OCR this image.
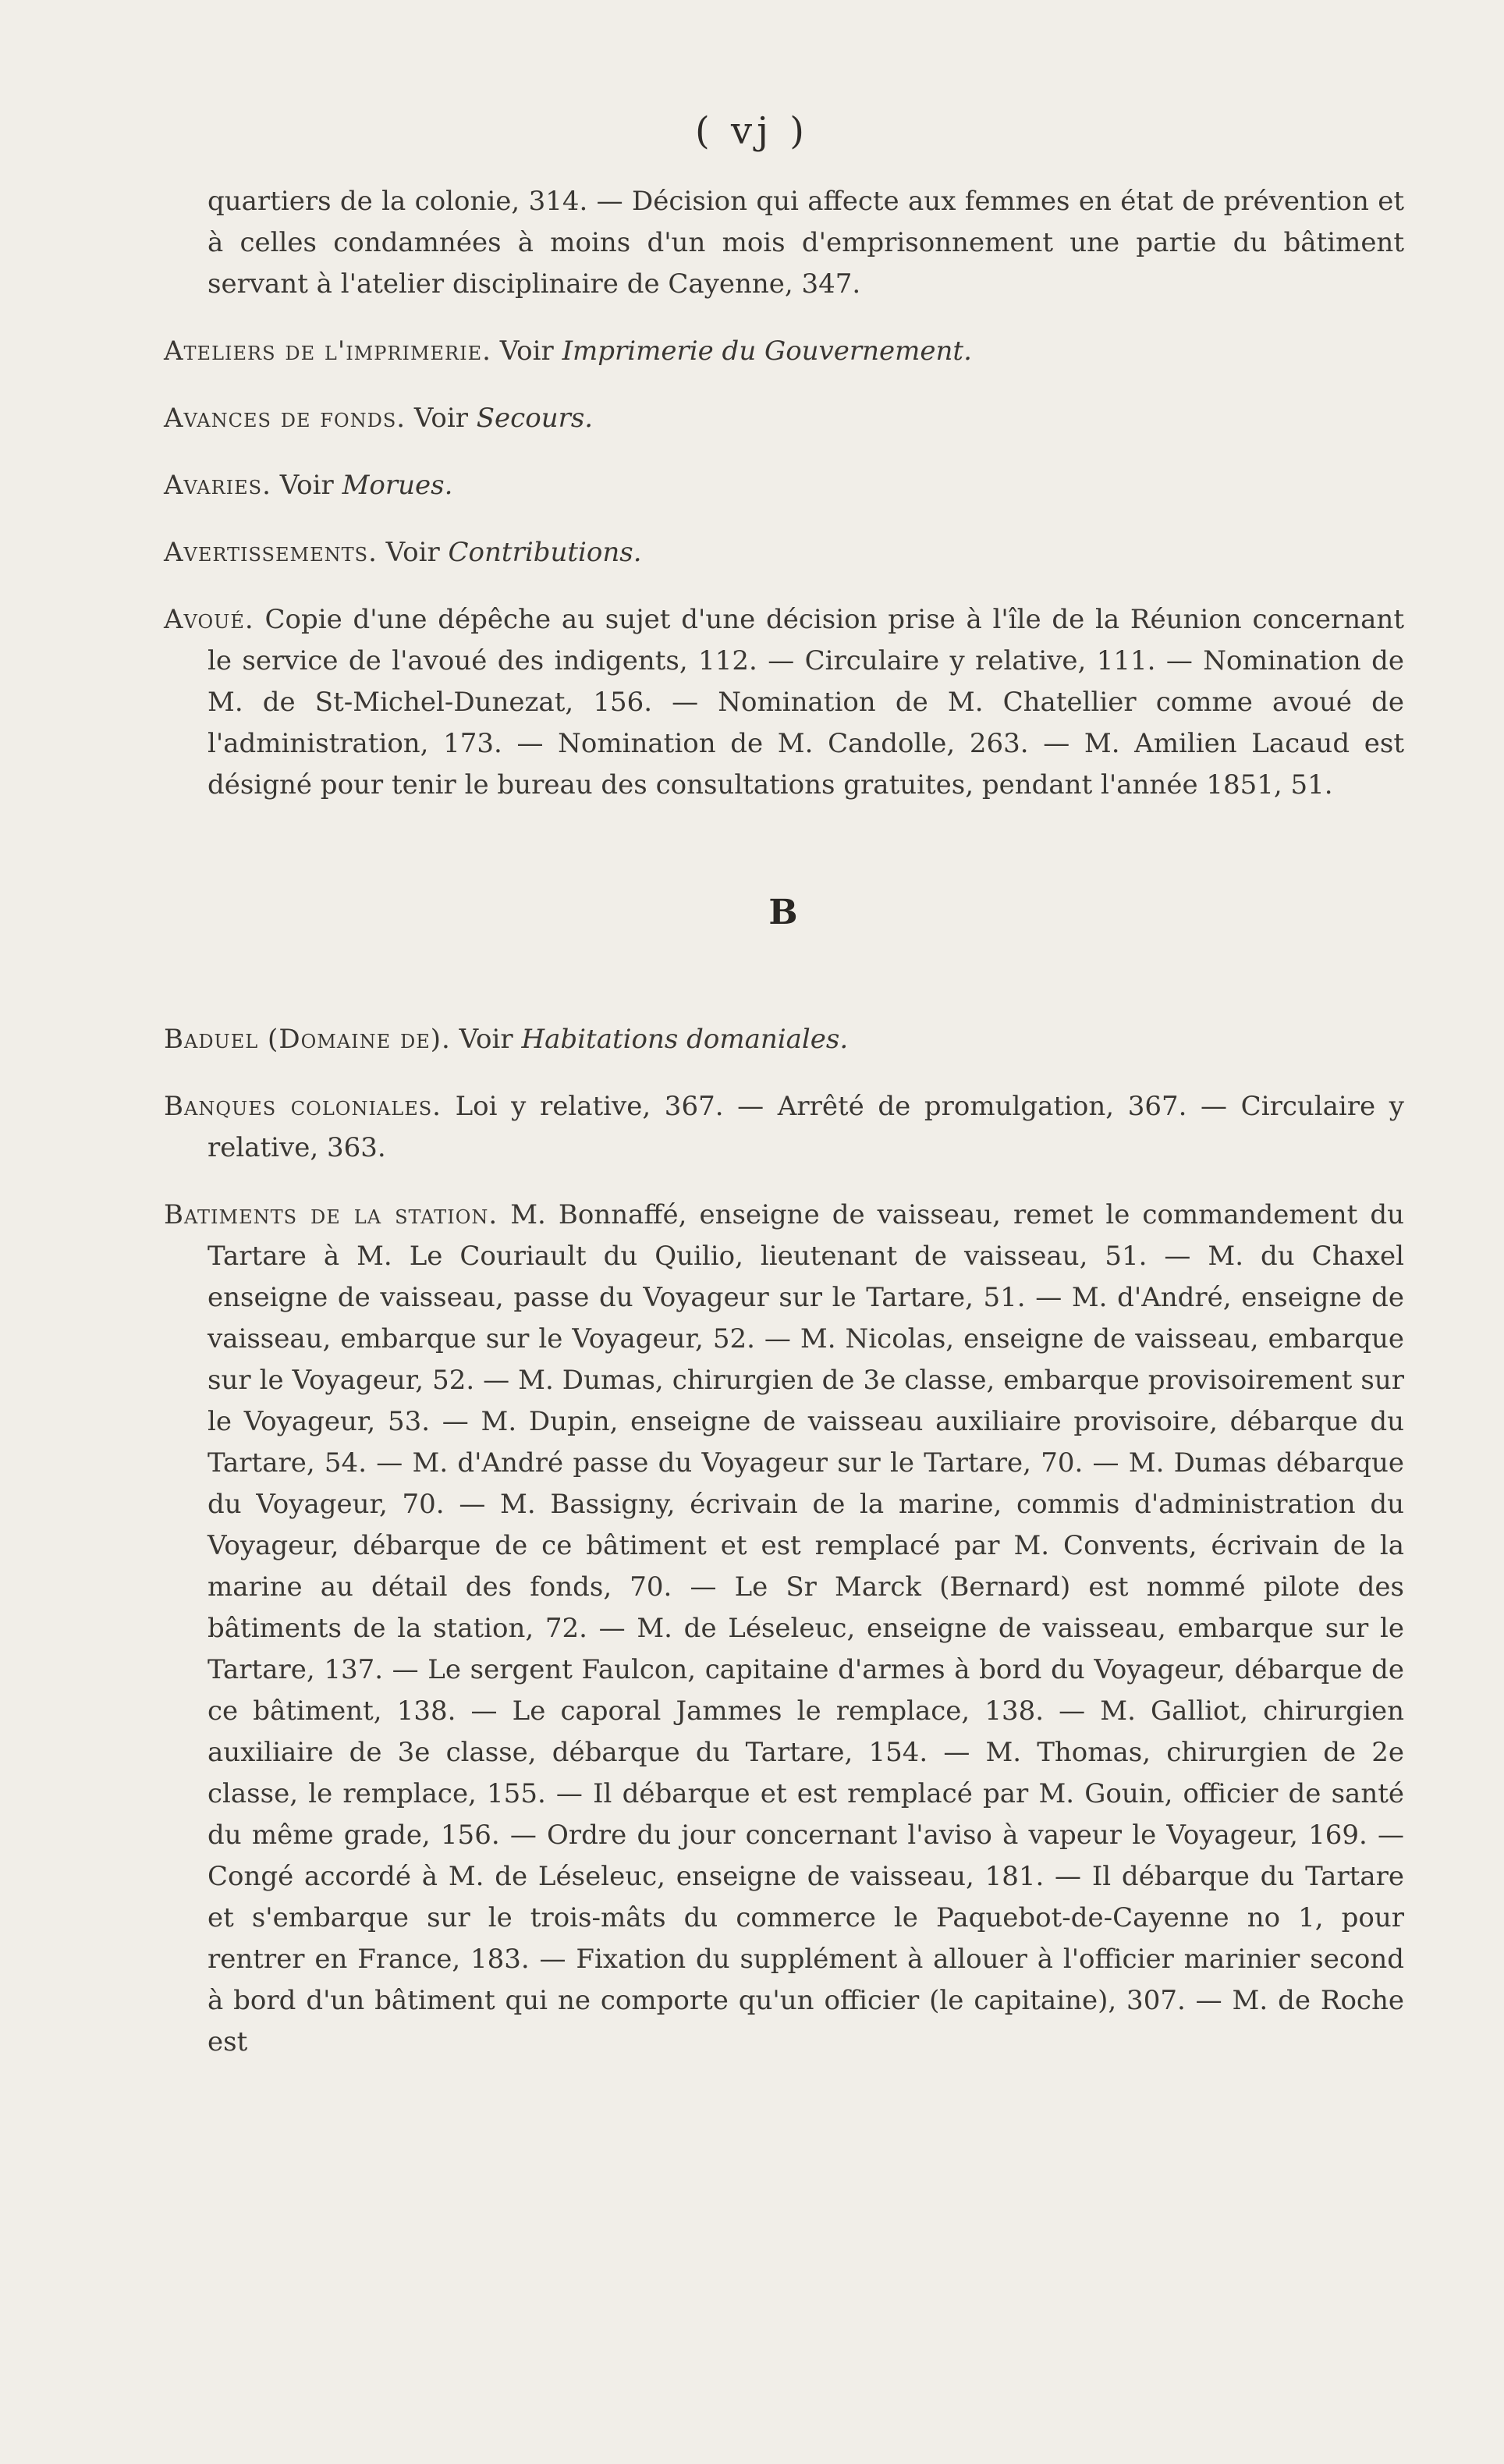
( vj )

quartiers de la colonie, 314. — Décision qui affecte aux femmes en état de prévention et à celles condamnées à moins d'un mois d'emprisonnement une partie du bâtiment servant à l'atelier disciplinaire de Cayenne, 347.

Ateliers de l'imprimerie. Voir Imprimerie du Gouvernement.

Avances de fonds. Voir Secours.

Avaries. Voir Morues.

Avertissements. Voir Contributions.

Avoué. Copie d'une dépêche au sujet d'une décision prise à l'île de la Réunion concernant le service de l'avoué des indigents, 112. — Circulaire y relative, 111. — Nomination de M. de St-Michel-Dunezat, 156. — Nomination de M. Chatellier comme avoué de l'administration, 173. — Nomination de M. Candolle, 263. — M. Amilien Lacaud est désigné pour tenir le bureau des consultations gratuites, pendant l'année 1851, 51.

B

Baduel (Domaine de). Voir Habitations domaniales.

Banques coloniales. Loi y relative, 367. — Arrêté de promulgation, 367. — Circulaire y relative, 363.

Batiments de la station. M. Bonnaffé, enseigne de vaisseau, remet le commandement du Tartare à M. Le Couriault du Quilio, lieutenant de vaisseau, 51. — M. du Chaxel enseigne de vaisseau, passe du Voyageur sur le Tartare, 51. — M. d'André, enseigne de vaisseau, embarque sur le Voyageur, 52. — M. Nicolas, enseigne de vaisseau, embarque sur le Voyageur, 52. — M. Dumas, chirurgien de 3e classe, embarque provisoirement sur le Voyageur, 53. — M. Dupin, enseigne de vaisseau auxiliaire provisoire, débarque du Tartare, 54. — M. d'André passe du Voyageur sur le Tartare, 70. — M. Dumas débarque du Voyageur, 70. — M. Bassigny, écrivain de la marine, commis d'administration du Voyageur, débarque de ce bâtiment et est remplacé par M. Convents, écrivain de la marine au détail des fonds, 70. — Le Sr Marck (Bernard) est nommé pilote des bâtiments de la station, 72. — M. de Léseleuc, enseigne de vaisseau, embarque sur le Tartare, 137. — Le sergent Faulcon, capitaine d'armes à bord du Voyageur, débarque de ce bâtiment, 138. — Le caporal Jammes le remplace, 138. — M. Galliot, chirurgien auxiliaire de 3e classe, débarque du Tartare, 154. — M. Thomas, chirurgien de 2e classe, le remplace, 155. — Il débarque et est remplacé par M. Gouin, officier de santé du même grade, 156. — Ordre du jour concernant l'aviso à vapeur le Voyageur, 169. — Congé accordé à M. de Léseleuc, enseigne de vaisseau, 181. — Il débarque du Tartare et s'embarque sur le trois-mâts du commerce le Paquebot-de-Cayenne no 1, pour rentrer en France, 183. — Fixation du supplément à allouer à l'officier marinier second à bord d'un bâtiment qui ne comporte qu'un officier (le capitaine), 307. — M. de Roche est
